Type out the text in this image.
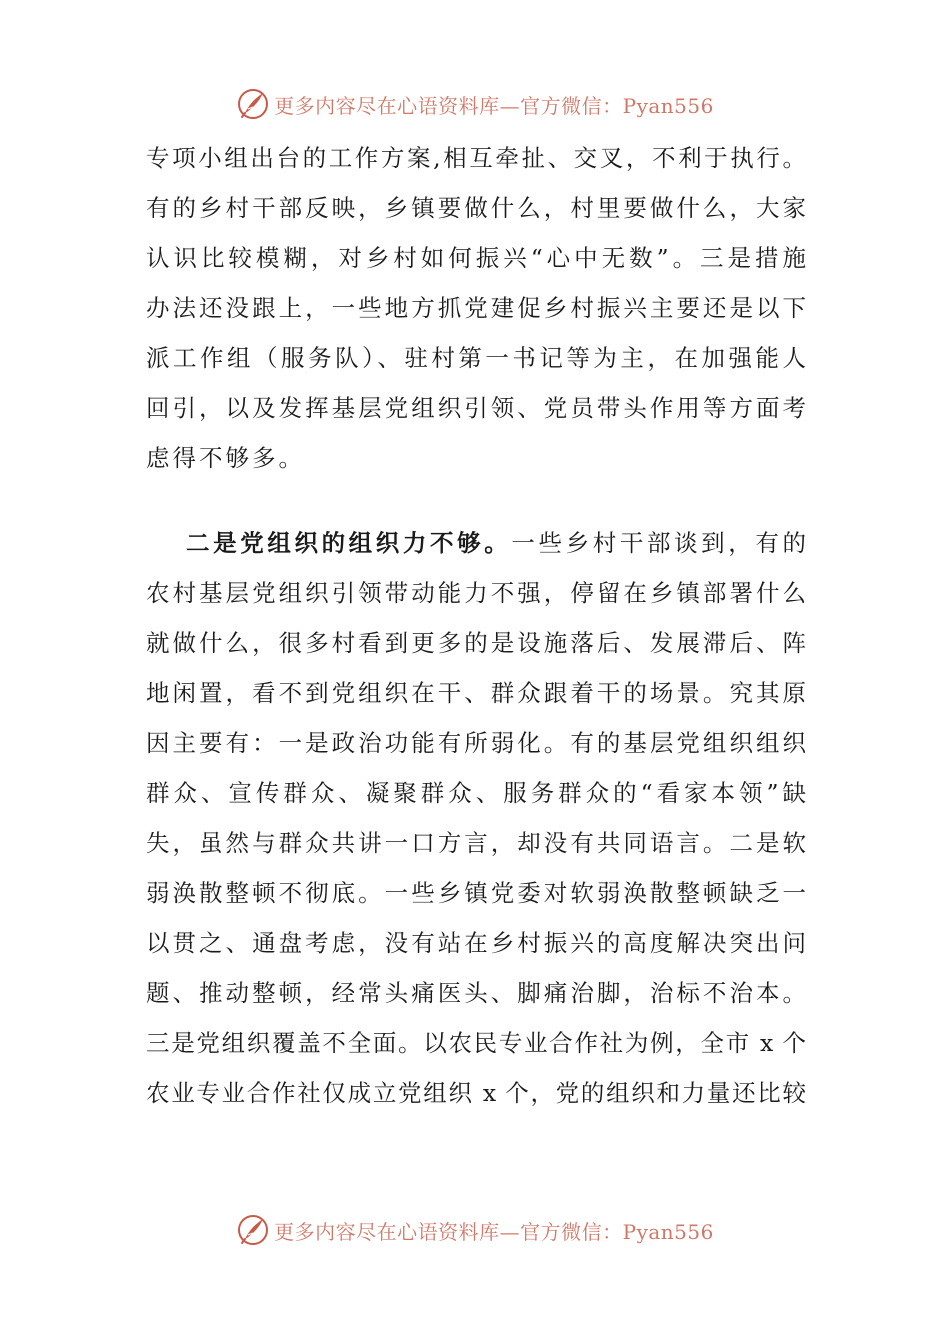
更多内容尽在心语资料库—官方微信：Pyan556
专项小组出台的工作方案,相互牵扯、交叉，不利于执行。
有的乡村干部反映，乡镇要做什么，村里要做什么，大家
认识比较模糊，对乡村如何振兴“心中无数”。三是措施
办法还没跟上，一些地方抓党建促乡村振兴主要还是以下
派工作组（服务队）、驻村第一书记等为主，在加强能人
回引，以及发挥基层党组织引领、党员带头作用等方面考
虑得不够多。
二是党组织的组织力不够。一些乡村干部谈到，有的
农村基层党组织引领带动能力不强，停留在乡镇部署什么
就做什么，很多村看到更多的是设施落后、发展滞后、阵
地闲置，看不到党组织在干、群众跟着干的场景。究其原
因主要有：一是政治功能有所弱化。有的基层党组织组织
群众、宣传群众、凝聚群众、服务群众的“看家本领”缺
失，虽然与群众共讲一口方言，却没有共同语言。二是软
弱涣散整顿不彻底。一些乡镇党委对软弱涣散整顿缺乏一
以贯之、通盘考虑，没有站在乡村振兴的高度解决突出问
题、推动整顿，经常头痛医头、脚痛治脚，治标不治本。
三是党组织覆盖不全面。以农民专业合作社为例，全市 x 个
农业专业合作社仅成立党组织 x 个，党的组织和力量还比较
更多内容尽在心语资料库—官方微信：Pyan556
